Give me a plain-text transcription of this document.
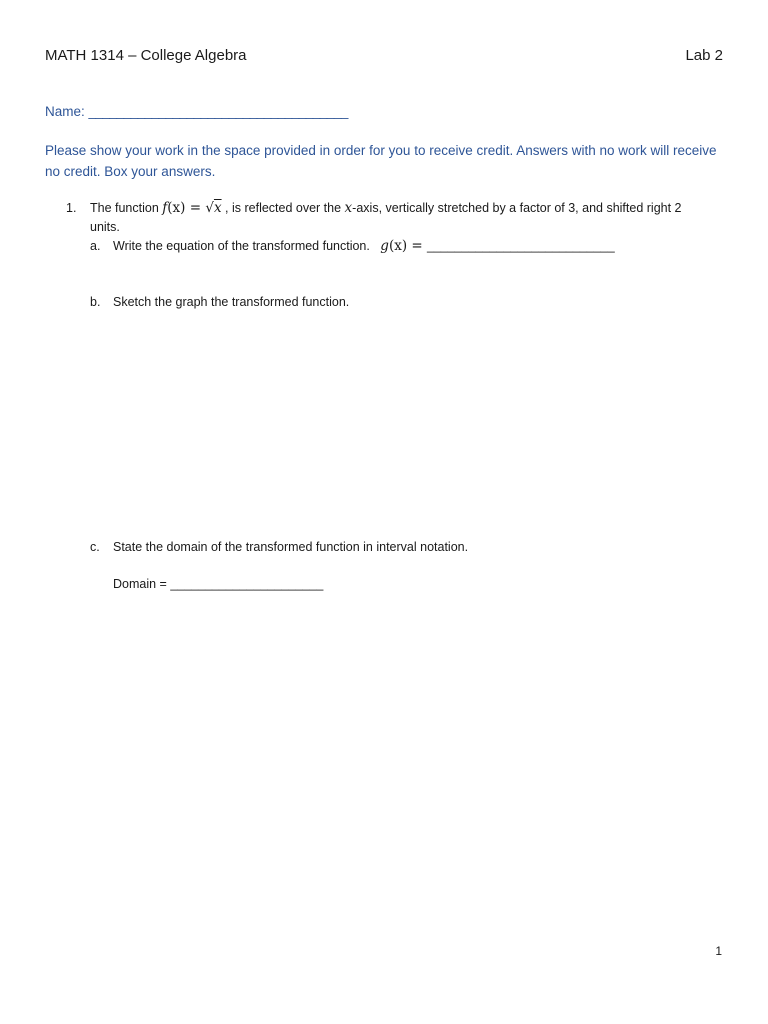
MATH 1314 – College Algebra	Lab 2
Name: _____________________________________
Please show your work in the space provided in order for you to receive credit. Answers with no work will receive no credit. Box your answers.
1. The function f(x) = √x , is reflected over the x-axis, vertically stretched by a factor of 3, and shifted right 2
units.
a. Write the equation of the transformed function. g(x) = ___________________________
b. Sketch the graph the transformed function.
c. State the domain of the transformed function in interval notation.
Domain = ______________________
1
